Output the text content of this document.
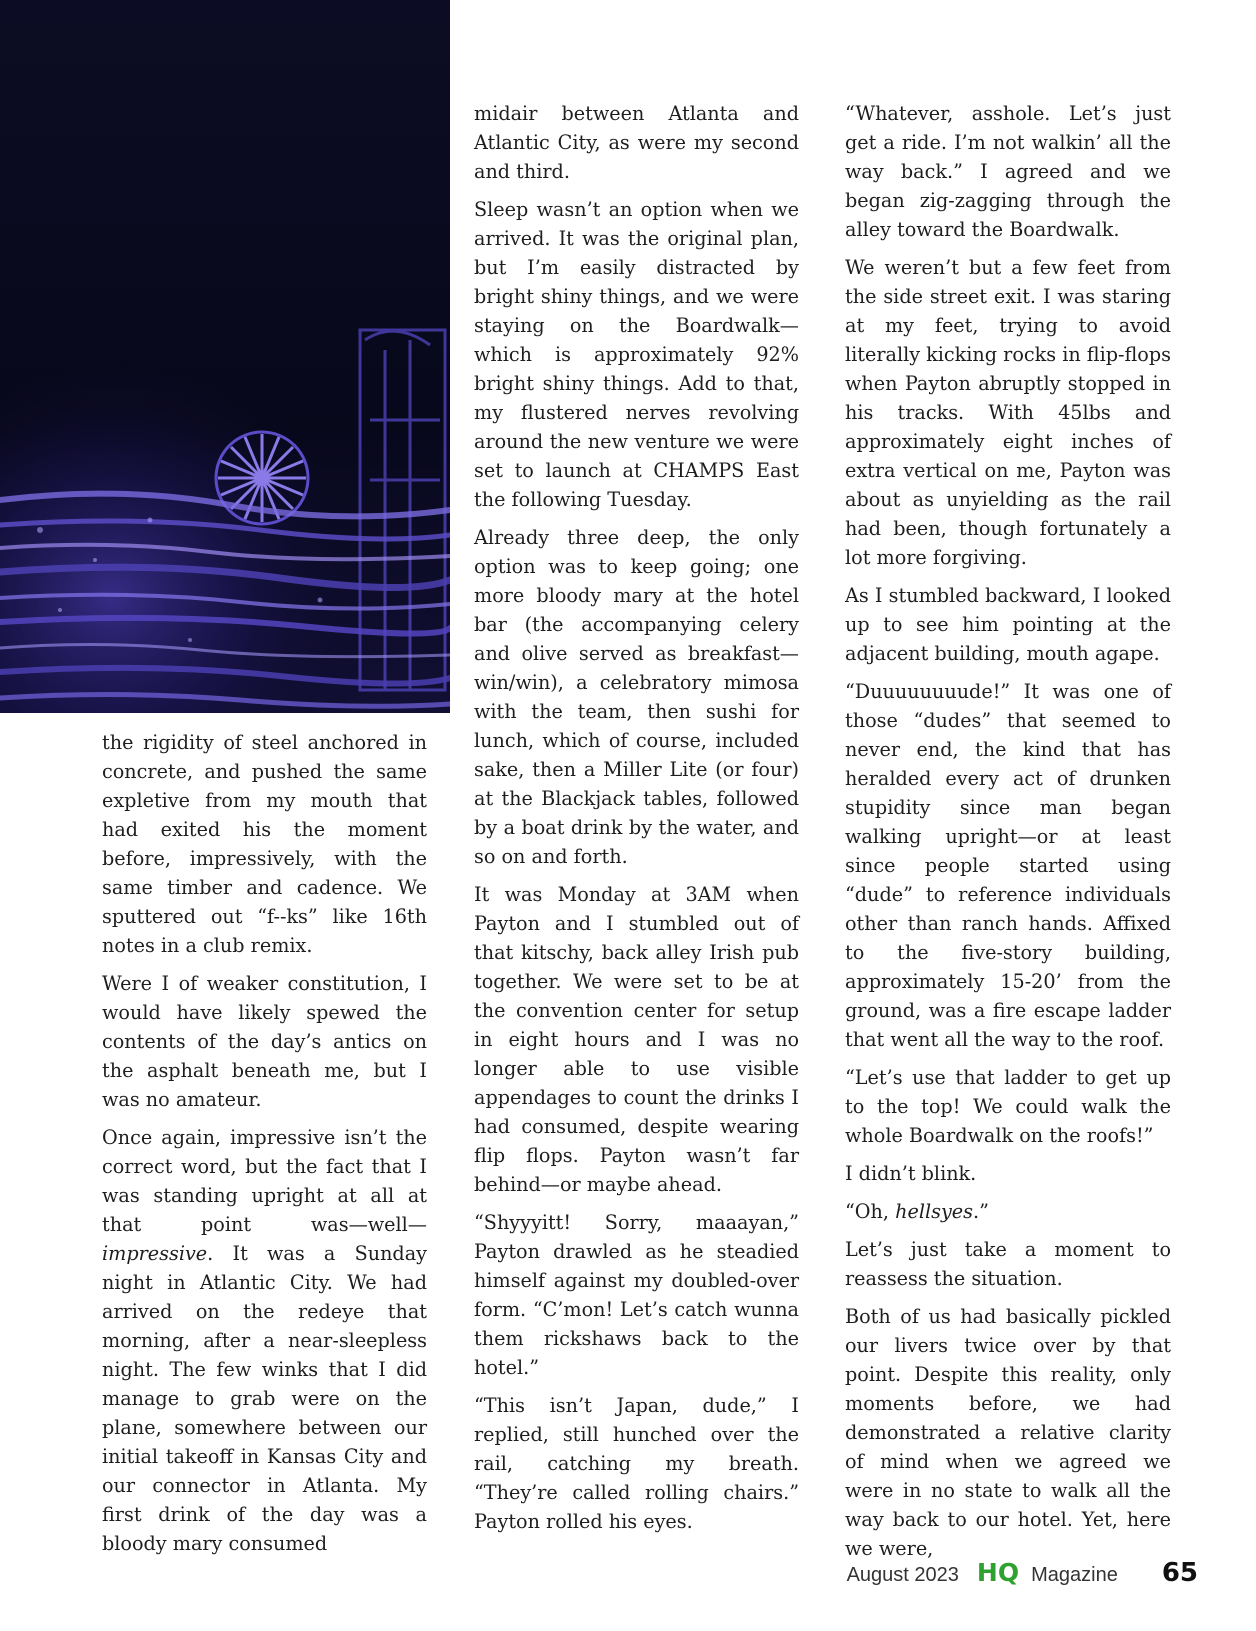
the rigidity of steel anchored in concrete, and pushed the same expletive from my mouth that had exited his the moment before, impressively, with the same timber and cadence. We sputtered out “f--ks” like 16th notes in a club remix.

Were I of weaker constitution, I would have likely spewed the contents of the day’s antics on the asphalt beneath me, but I was no amateur.

Once again, impressive isn’t the correct word, but the fact that I was standing upright at all at that point was—well—impressive. It was a Sunday night in Atlantic City. We had arrived on the redeye that morning, after a near-sleepless night. The few winks that I did manage to grab were on the plane, somewhere between our initial takeoff in Kansas City and our connector in Atlanta. My first drink of the day was a bloody mary consumed

midair between Atlanta and Atlantic City, as were my second and third.

Sleep wasn’t an option when we arrived. It was the original plan, but I’m easily distracted by bright shiny things, and we were staying on the Boardwalk—which is approximately 92% bright shiny things. Add to that, my flustered nerves revolving around the new venture we were set to launch at CHAMPS East the following Tuesday.

Already three deep, the only option was to keep going; one more bloody mary at the hotel bar (the accompanying celery and olive served as breakfast—win/win), a celebratory mimosa with the team, then sushi for lunch, which of course, included sake, then a Miller Lite (or four) at the Blackjack tables, followed by a boat drink by the water, and so on and forth.

It was Monday at 3AM when Payton and I stumbled out of that kitschy, back alley Irish pub together. We were set to be at the convention center for setup in eight hours and I was no longer able to use visible appendages to count the drinks I had consumed, despite wearing flip flops. Payton wasn’t far behind—or maybe ahead.

“Shyyyitt! Sorry, maaayan,” Payton drawled as he steadied himself against my doubled-over form. “C’mon! Let’s catch wunna them rickshaws back to the hotel.”

“This isn’t Japan, dude,” I replied, still hunched over the rail, catching my breath. “They’re called rolling chairs.” Payton rolled his eyes.

“Whatever, asshole. Let’s just get a ride. I’m not walkin’ all the way back.” I agreed and we began zig-zagging through the alley toward the Boardwalk.

We weren’t but a few feet from the side street exit. I was staring at my feet, trying to avoid literally kicking rocks in flip-flops when Payton abruptly stopped in his tracks. With 45lbs and approximately eight inches of extra vertical on me, Payton was about as unyielding as the rail had been, though fortunately a lot more forgiving.

As I stumbled backward, I looked up to see him pointing at the adjacent building, mouth agape.

“Duuuuuuuude!” It was one of those “dudes” that seemed to never end, the kind that has heralded every act of drunken stupidity since man began walking upright—or at least since people started using “dude” to reference individuals other than ranch hands. Affixed to the five-story building, approximately 15-20’ from the ground, was a fire escape ladder that went all the way to the roof.

“Let’s use that ladder to get up to the top! We could walk the whole Boardwalk on the roofs!”

I didn’t blink.

“Oh, hellsyes.”

Let’s just take a moment to reassess the situation.

Both of us had basically pickled our livers twice over by that point. Despite this reality, only moments before, we had demonstrated a relative clarity of mind when we agreed we were in no state to walk all the way back to our hotel. Yet, here we were,

August 2023 HQ Magazine 65
